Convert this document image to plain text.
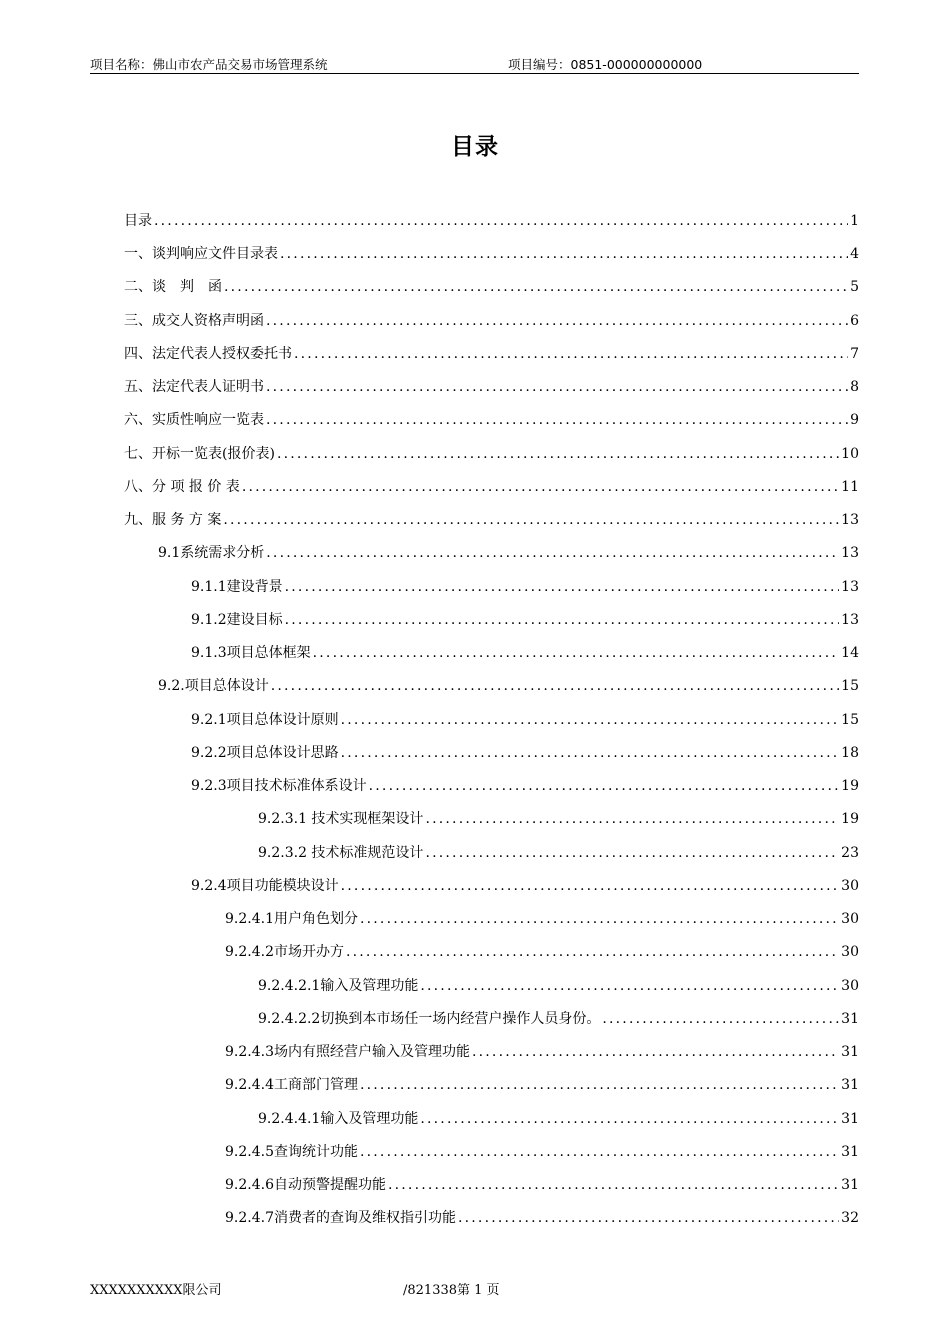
项目名称：佛山市农产品交易市场管理系统	项目编号：0851-000000000000
目录
目录 .....	1
一、谈判响应文件目录表 .....	4
二、谈　判　函 .....	5
三、成交人资格声明函 .....	6
四、法定代表人授权委托书 .....	7
五、法定代表人证明书 .....	8
六、实质性响应一览表 .....	9
七、开标一览表(报价表) .....	10
八、分 项 报 价 表 .....	11
九、服 务 方 案 .....	13
9.1系统需求分析 .....	13
9.1.1建设背景 .....	13
9.1.2建设目标 .....	13
9.1.3项目总体框架 .....	14
9.2.项目总体设计 .....	15
9.2.1项目总体设计原则 .....	15
9.2.2项目总体设计思路 .....	18
9.2.3项目技术标准体系设计 .....	19
9.2.3.1 技术实现框架设计 .....	19
9.2.3.2 技术标准规范设计 .....	23
9.2.4项目功能模块设计 .....	30
9.2.4.1用户角色划分 .....	30
9.2.4.2市场开办方 .....	30
9.2.4.2.1输入及管理功能 .....	30
9.2.4.2.2切换到本市场任一场内经营户操作人员身份。 .....	31
9.2.4.3场内有照经营户输入及管理功能 .....	31
9.2.4.4工商部门管理 .....	31
9.2.4.4.1输入及管理功能 .....	31
9.2.4.5查询统计功能 .....	31
9.2.4.6自动预警提醒功能 .....	31
9.2.4.7消费者的查询及维权指引功能 .....	32
XXXXXXXXXX限公司	/821338第 1 页
